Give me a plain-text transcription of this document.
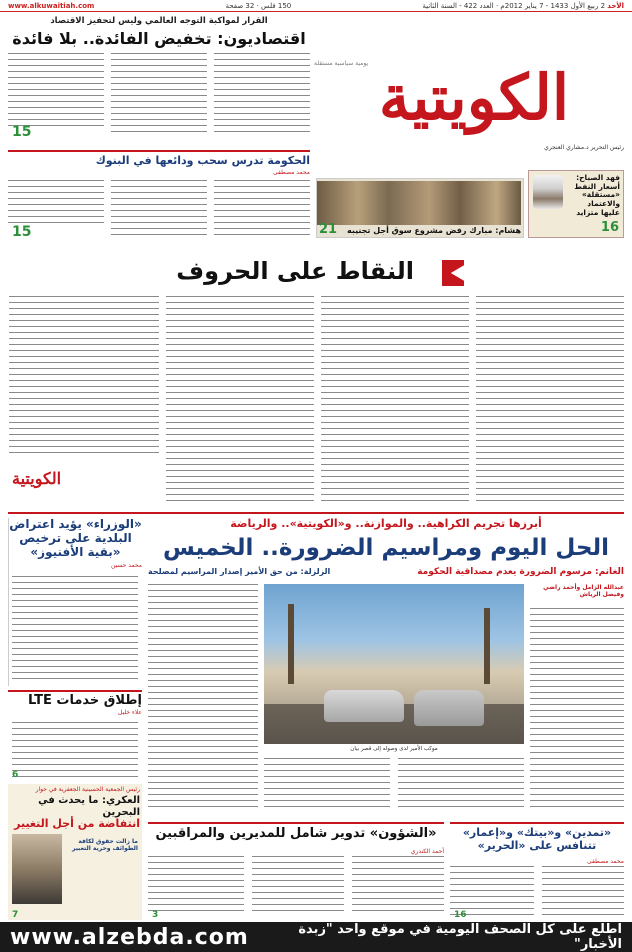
الأحد 2 ربيع الأول 1433 - 7 يناير 2012م · العدد 422 - السنة الثانية
150 فلس · 32 صفحة
www.alkuwaitiah.com
الكويتية
رئيس التحرير د.مشاري العنجري
يومية سياسية مستقلة
القرار لمواكبة التوجه العالمي وليس لتحفيز الاقتصاد
اقتصاديون: تخفيض الفائدة.. بلا فائدة
15
الحكومة تدرس سحب ودائعها في البنوك
محمد مصطفى
15	هشام: مبارك رفض مشروع سوق أجل تجنيبه
21
فهد الصباح: أسعار النفط «مستقلة» والاعتماد عليها متزايد
16
النقاط على الحروف
الكويتية
أبرزها تجريم الكراهية.. والموازنة.. و«الكويتية».. والرياضة
الحل اليوم ومراسيم الضرورة.. الخميس
الغانم: مرسوم الضرورة يعدم مصداقية الحكومة
الزلزلة: من حق الأمير إصدار المراسيم لمصلحة
موكب الأمير لدى وصوله إلى قصر بيان
عبدالله الزامل وأحمد راضي وفيصل الرياش
«الوزراء» يؤيد اعتراض البلدية على ترخيص «بقية الأفنيوز»
محمد حسين
إطلاق خدمات LTE
علاء خليل
6
رئيس الجمعية الحسينية الجعفرية في حوار
العكري: ما يحدث في البحرين
انتفاضة من أجل التغيير
ما زالت حقوق لكافة الطوائف وحرية التعبير
7
«الشؤون» تدوير شامل للمديرين والمراقبين
أحمد الكندري
3
«تمدين» و«بيتك» و«إعمار» تتنافس على «الحرير»
محمد مصطفى
16
اطلع على كل الصحف اليومية في موقع واحد "زبدة الأخبار"
www.alzebda.com
